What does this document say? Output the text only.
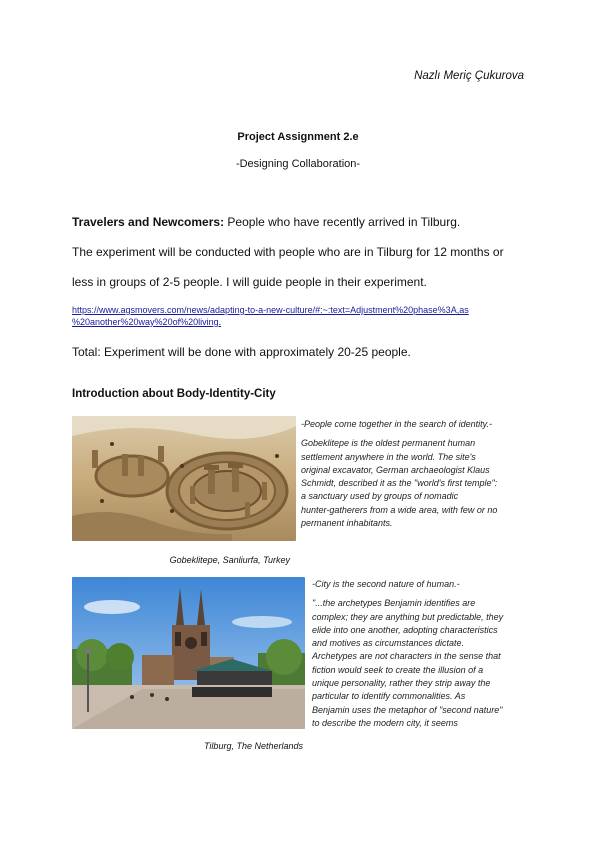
Nazlı Meriç Çukurova
Project Assignment 2.e
-Designing Collaboration-
Travelers and Newcomers: People who have recently arrived in Tilburg.
The experiment will be conducted with people who are in Tilburg for 12 months or
less in groups of 2-5 people. I will guide people in their experiment.
https://www.agsmovers.com/news/adapting-to-a-new-culture/#:~:text=Adjustment%20phase%3A,as
%20another%20way%20of%20living.
Total: Experiment will be done with approximately 20-25 people.
Introduction about Body-Identity-City
Gobeklitepe, Sanliurfa, Turkey
-People come together in the search of identity.-

Gobeklitepe is the oldest permanent human
settlement anywhere in the world. The site's
original excavator, German archaeologist Klaus
Schmidt, described it as the "world's first temple":
a sanctuary used by groups of nomadic
hunter-gatherers from a wide area, with few or no
permanent inhabitants.
Tilburg, The Netherlands
-City is the second nature of human.-

"...the archetypes Benjamin identifies are
complex; they are anything but predictable, they
elide into one another, adopting characteristics
and motives as circumstances dictate.
Archetypes are not characters in the sense that
fiction would seek to create the illusion of a
unique personality, rather they strip away the
particular to identify commonalities. As
Benjamin uses the metaphor of "second nature"
to describe the modern city, it seems
